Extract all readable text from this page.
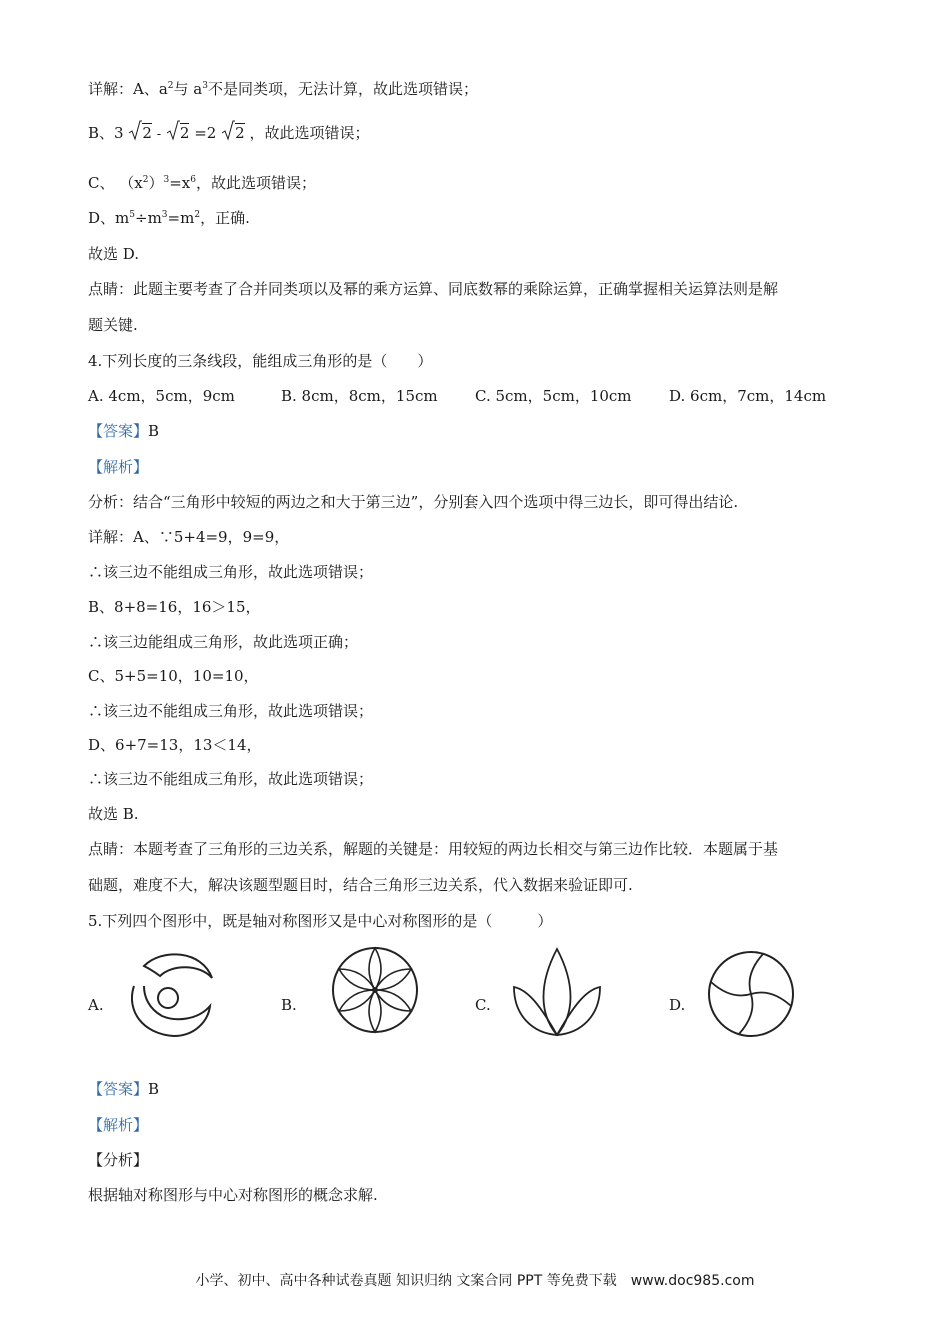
详解：A、$a^2$与 $a^3$不是同类项，无法计算，故此选项错误；
B、3 2 - 2 =2 2 ，故此选项错误；
C、 $(x^2)^3=x^6$，故此选项错误；
D、$m^5\div m^3=m^2$，正确.
故选 D.
点睛：此题主要考查了合并同类项以及幂的乘方运算、同底数幂的乘除运算，正确掌握相关运算法则是解
题关键.
4.下列长度的三条线段，能组成三角形的是（　　）
A. 4cm，5cm，9cm	B. 8cm，8cm，15cm C. 5cm，5cm，10cm D. 6cm，7cm，14cm
【答案】B
【解析】
分析：结合“三角形中较短的两边之和大于第三边”，分别套入四个选项中得三边长，即可得出结论.
详解：A、∵5+4=9，9=9，
∴该三边不能组成三角形，故此选项错误；
B、8+8=16，16＞15，
∴该三边能组成三角形，故此选项正确；
C、5+5=10，10=10，
∴该三边不能组成三角形，故此选项错误；
D、6+7=13，13＜14，
∴该三边不能组成三角形，故此选项错误；
故选 B.
点睛：本题考查了三角形的三边关系，解题的关键是：用较短的两边长相交与第三边作比较．本题属于基
础题，难度不大，解决该题型题目时，结合三角形三边关系，代入数据来验证即可.
5.下列四个图形中，既是轴对称图形又是中心对称图形的是（　　　）
A.	B.	C.	D.
【答案】B
【解析】
【分析】
根据轴对称图形与中心对称图形的概念求解.
小学、初中、高中各种试卷真题 知识归纳 文案合同 PPT 等免费下载　www.doc985.com
